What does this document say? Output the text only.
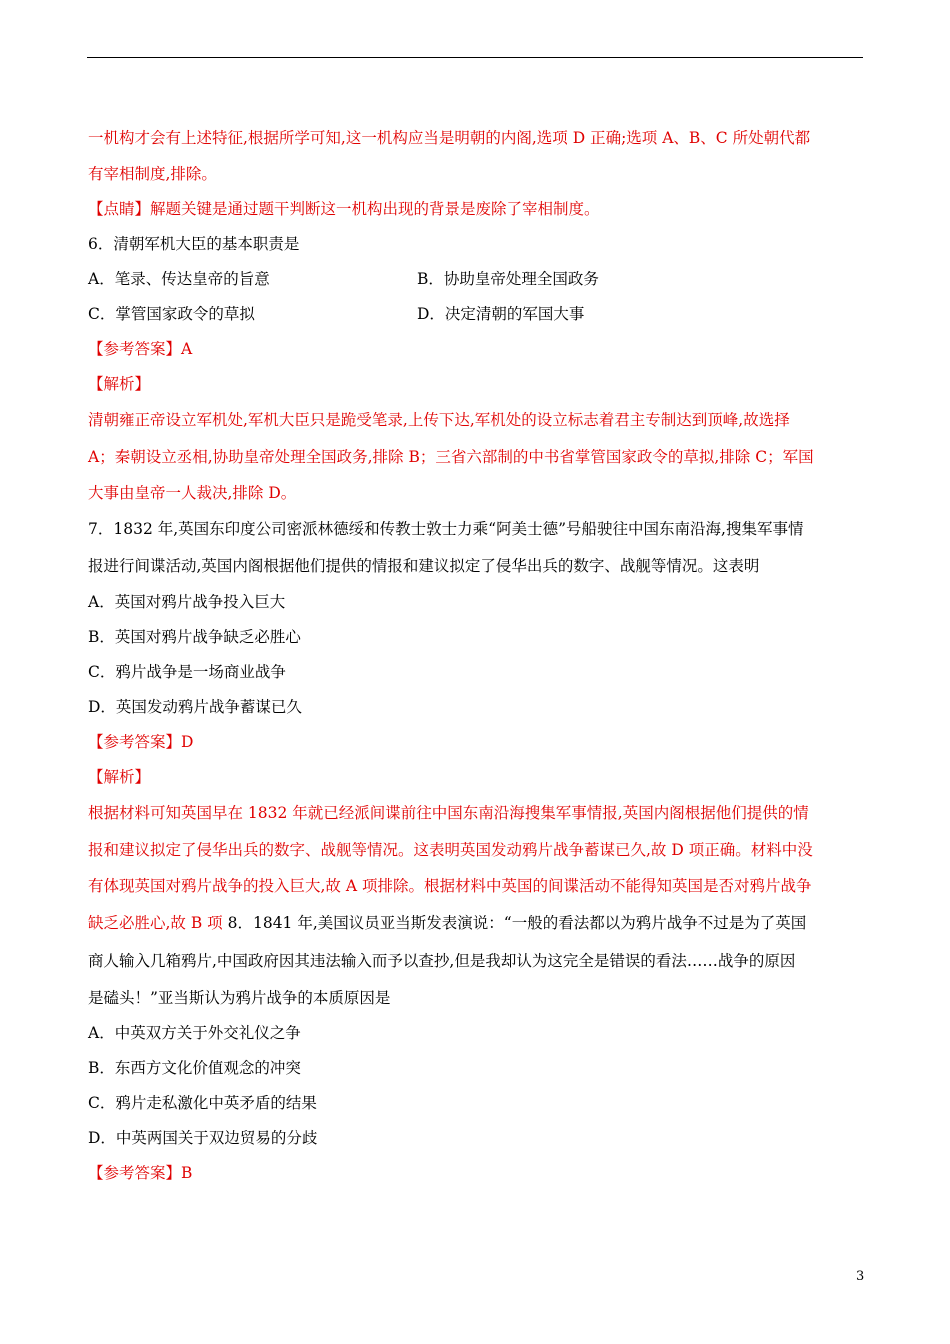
一机构才会有上述特征,根据所学可知,这一机构应当是明朝的内阁,选项 D 正确;选项 A、B、C 所处朝代都
有宰相制度,排除。
【点睛】解题关键是通过题干判断这一机构出现的背景是废除了宰相制度。
6．清朝军机大臣的基本职责是
A．笔录、传达皇帝的旨意	B．协助皇帝处理全国政务
C．掌管国家政令的草拟	D．决定清朝的军国大事
【参考答案】A
【解析】
清朝雍正帝设立军机处,军机大臣只是跪受笔录,上传下达,军机处的设立标志着君主专制达到顶峰,故选择
A；秦朝设立丞相,协助皇帝处理全国政务,排除 B；三省六部制的中书省掌管国家政令的草拟,排除 C；军国
大事由皇帝一人裁决,排除 D。
7．1832 年,英国东印度公司密派林德绥和传教士敦士力乘“阿美士德”号船驶往中国东南沿海,搜集军事情
报进行间谍活动,英国内阁根据他们提供的情报和建议拟定了侵华出兵的数字、战舰等情况。这表明
A．英国对鸦片战争投入巨大
B．英国对鸦片战争缺乏必胜心
C．鸦片战争是一场商业战争
D．英国发动鸦片战争蓄谋已久
【参考答案】D
【解析】
根据材料可知英国早在 1832 年就已经派间谍前往中国东南沿海搜集军事情报,英国内阁根据他们提供的情
报和建议拟定了侵华出兵的数字、战舰等情况。这表明英国发动鸦片战争蓄谋已久,故 D 项正确。材料中没
有体现英国对鸦片战争的投入巨大,故 A 项排除。根据材料中英国的间谍活动不能得知英国是否对鸦片战争
缺乏必胜心,故 B 项 8．1841 年,美国议员亚当斯发表演说：“一般的看法都以为鸦片战争不过是为了英国
商人输入几箱鸦片,中国政府因其违法输入而予以查抄,但是我却认为这完全是错误的看法……战争的原因
是磕头！”亚当斯认为鸦片战争的本质原因是
A．中英双方关于外交礼仪之争
B．东西方文化价值观念的冲突
C．鸦片走私激化中英矛盾的结果
D．中英两国关于双边贸易的分歧
【参考答案】B
3
